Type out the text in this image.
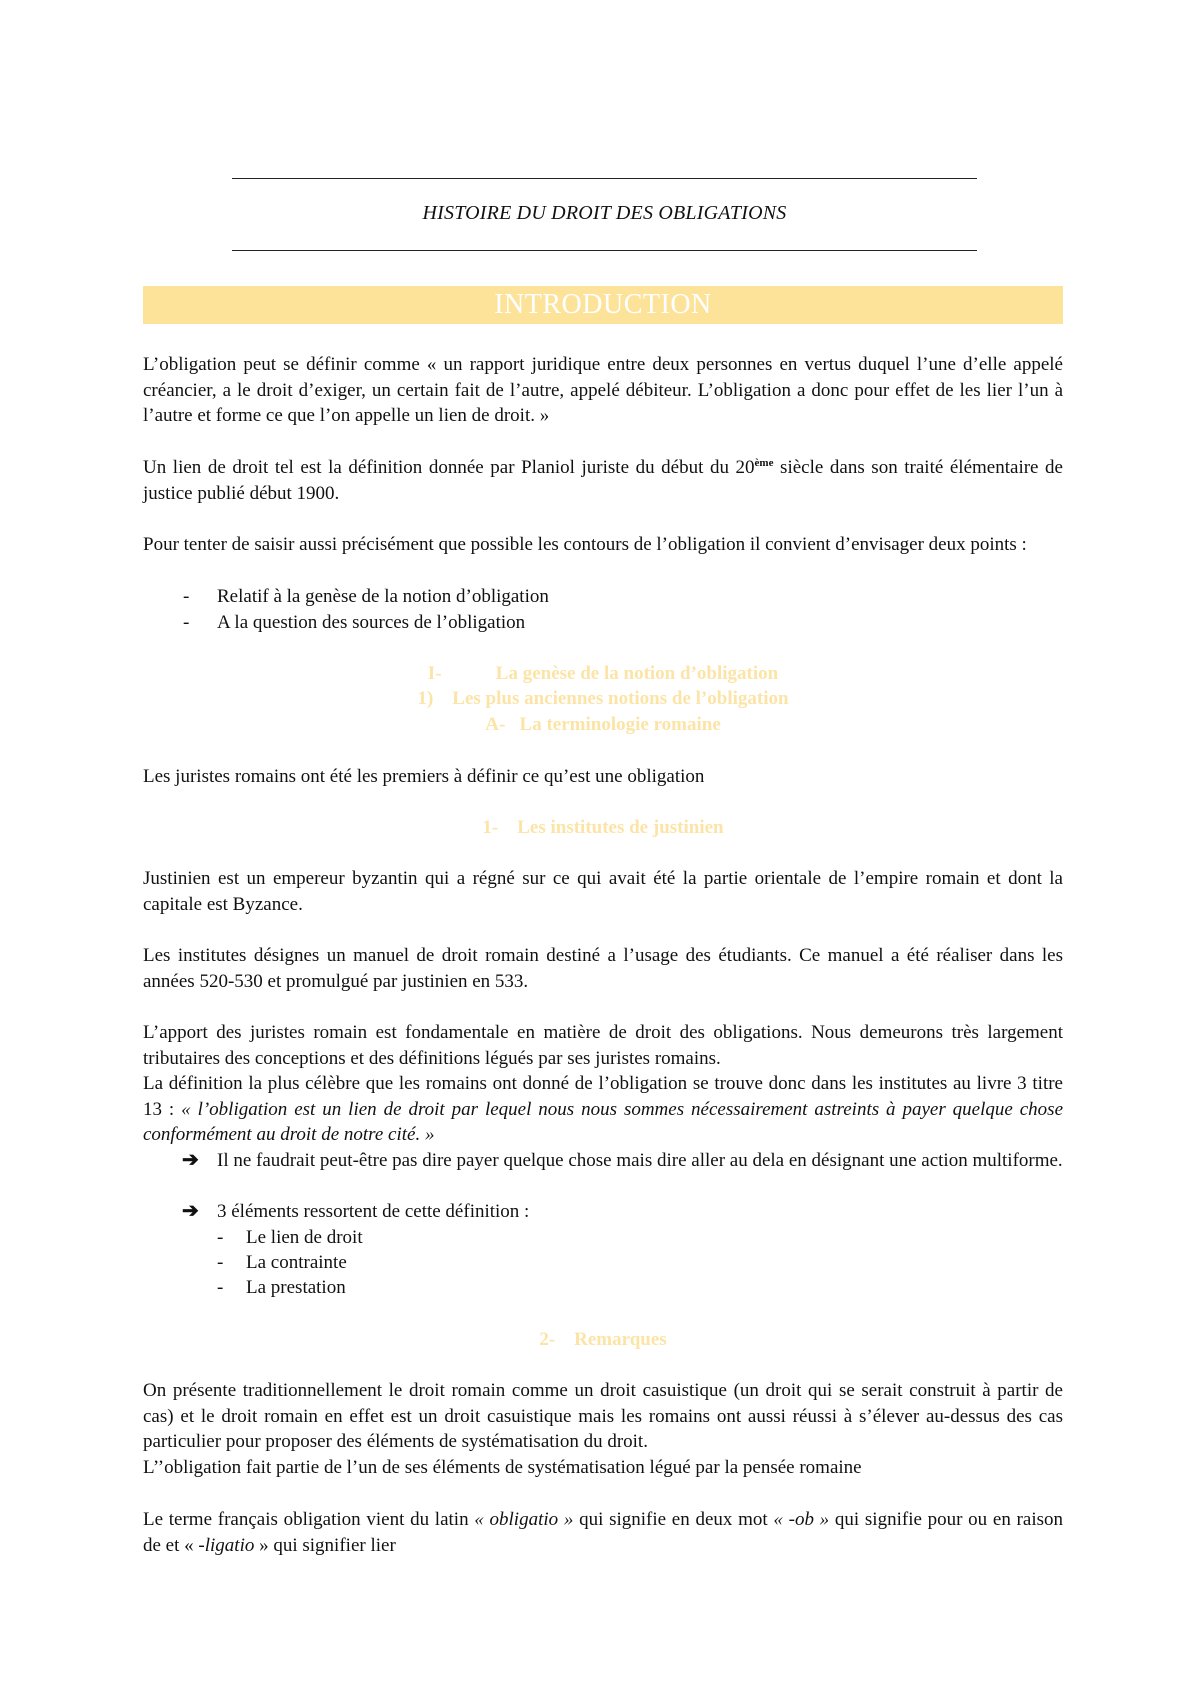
HISTOIRE DU DROIT DES OBLIGATIONS
INTRODUCTION

L’obligation peut se définir comme « un rapport juridique entre deux personnes en vertus duquel l’une d’elle appelé créancier, a le droit d’exiger, un certain fait de l’autre, appelé débiteur. L’obligation a donc pour effet de les lier l’un à l’autre et forme ce que l’on appelle un lien de droit. »

Un lien de droit tel est la définition donnée par Planiol juriste du début du 20ème siècle dans son traité élémentaire de justice publié début 1900.

Pour tenter de saisir aussi précisément que possible les contours de l’obligation il convient d’envisager deux points :

- Relatif à la genèse de la notion d’obligation
- A la question des sources de l’obligation
I-	La genèse de la notion d’obligation
1)    Les plus anciennes notions de l’obligation
A-   La terminologie romaine

Les juristes romains ont été les premiers à définir ce qu’est une obligation

1-    Les institutes de justinien

Justinien est un empereur byzantin qui a régné sur ce qui avait été la partie orientale de l’empire romain et dont la capitale est Byzance.

Les institutes désignes un manuel de droit romain destiné a l’usage des étudiants. Ce manuel a été réaliser dans les années 520-530 et promulgué par justinien en 533.

L’apport des juristes romain est fondamentale en matière de droit des obligations. Nous demeurons très largement tributaires des conceptions et des définitions légués par ses juristes romains.

La définition la plus célèbre que les romains ont donné de l’obligation se trouve donc dans les institutes au livre 3 titre 13 : « l’obligation est un lien de droit par lequel nous nous sommes nécessairement astreints à payer quelque chose conformément au droit de notre cité. »

➔ Il ne faudrait peut-être pas dire payer quelque chose mais dire aller au dela en désignant une action multiforme.

➔ 3 éléments ressortent de cette définition :

- Le lien de droit
- La contrainte
- La prestation
2-    Remarques

On présente traditionnellement le droit romain comme un droit casuistique (un droit qui se serait construit à partir de cas) et le droit romain en effet est un droit casuistique mais les romains ont aussi réussi à s’élever au-dessus des cas particulier pour proposer des éléments de systématisation du droit.

L’’obligation fait partie de l’un de ses éléments de systématisation légué par la pensée romaine

Le terme français obligation vient du latin « obligatio » qui signifie en deux mot « -ob » qui signifie pour ou en raison de et « -ligatio » qui signifier lier
